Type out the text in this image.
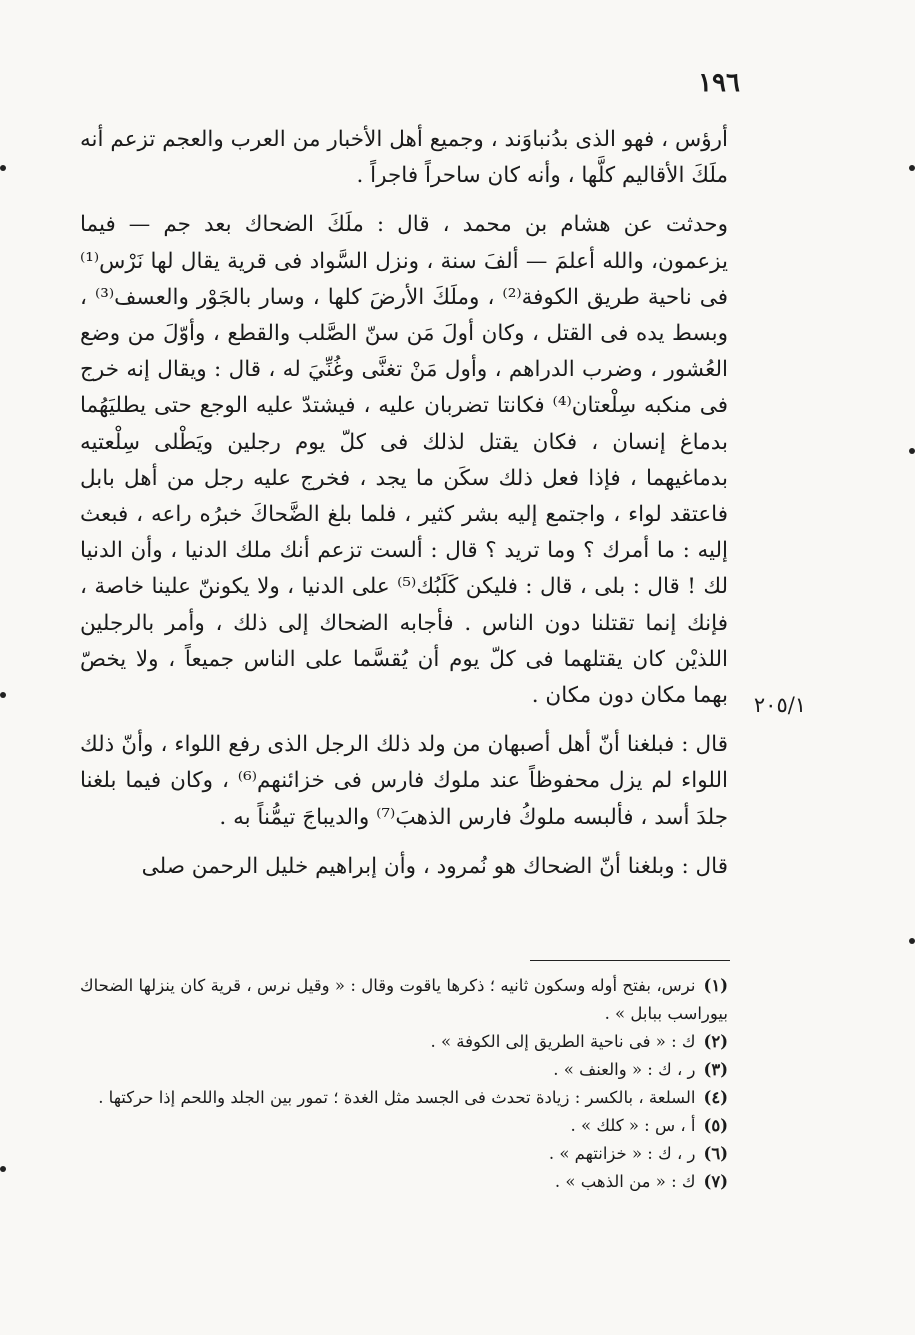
١٩٦

أرؤس ، فهو الذى بدُنباوَند ، وجميع أهل الأخبار من العرب والعجم تزعم أنه ملَكَ الأقاليم كلَّها ، وأنه كان ساحراً فاجراً .

وحدثت عن هشام بن محمد ، قال : ملَكَ الضحاك بعد جم — فيما يزعمون، والله أعلمَ — ألفَ سنة ، ونزل السَّواد فى قرية يقال لها نَرْس⁽¹⁾ فى ناحية طريق الكوفة⁽²⁾ ، وملَكَ الأرضَ كلها ، وسار بالجَوْر والعسف⁽³⁾ ، وبسط يده فى القتل ، وكان أولَ مَن سنّ الصَّلب والقطع ، وأوّلَ من وضع العُشور ، وضرب الدراهم ، وأول مَنْ تغنَّى وغُنِّيَ له ، قال : ويقال إنه خرج فى منكبه سِلْعتان⁽⁴⁾ فكانتا تضربان عليه ، فيشتدّ عليه الوجع حتى يطليَهُما بدماغ إنسان ، فكان يقتل لذلك فى كلّ يوم رجلين ويَطْلى سِلْعتيه بدماغيهما ، فإذا فعل ذلك سكَن ما يجد ، فخرج عليه رجل من أهل بابل فاعتقد لواء ، واجتمع إليه بشر كثير ، فلما بلغ الضَّحاكَ خبرُه راعه ، فبعث إليه : ما أمرك ؟ وما تريد ؟ قال : ألست تزعم أنك ملك الدنيا ، وأن الدنيا لك ! قال : بلى ، قال : فليكن كَلَبُك⁽⁵⁾ على الدنيا ، ولا يكوننّ علينا خاصة ، فإنك إنما تقتلنا دون الناس . فأجابه الضحاك إلى ذلك ، وأمر بالرجلين اللذيْن كان يقتلهما فى كلّ يوم أن يُقسَّما على الناس جميعاً ، ولا يخصّ بهما مكان دون مكان .

قال : فبلغنا أنّ أهل أصبهان من ولد ذلك الرجل الذى رفع اللواء ، وأنّ ذلك اللواء لم يزل محفوظاً عند ملوك فارس فى خزائنهم⁽⁶⁾ ، وكان فيما بلغنا جلدَ أسد ، فألبسه ملوكُ فارس الذهبَ⁽⁷⁾ والديباجَ تيمُّناً به .

قال : وبلغنا أنّ الضحاك هو نُمرود ، وأن إبراهيم خليل الرحمن صلى

٢٠٥/١

(١)نرس، بفتح أوله وسكون ثانيه ؛ ذكرها ياقوت وقال : « وقيل نرس ، قرية كان ينزلها الضحاك بيوراسب ببابل » .

(٢)ك : « فى ناحية الطريق إلى الكوفة » .

(٣)ر ، ك : « والعنف » .

(٤)السلعة ، بالكسر : زيادة تحدث فى الجسد مثل الغدة ؛ تمور بين الجلد واللحم إذا حركتها .

(٥)أ ، س : « كلك » .

(٦)ر ، ك : « خزانتهم » .

(٧)ك : « من الذهب » .
